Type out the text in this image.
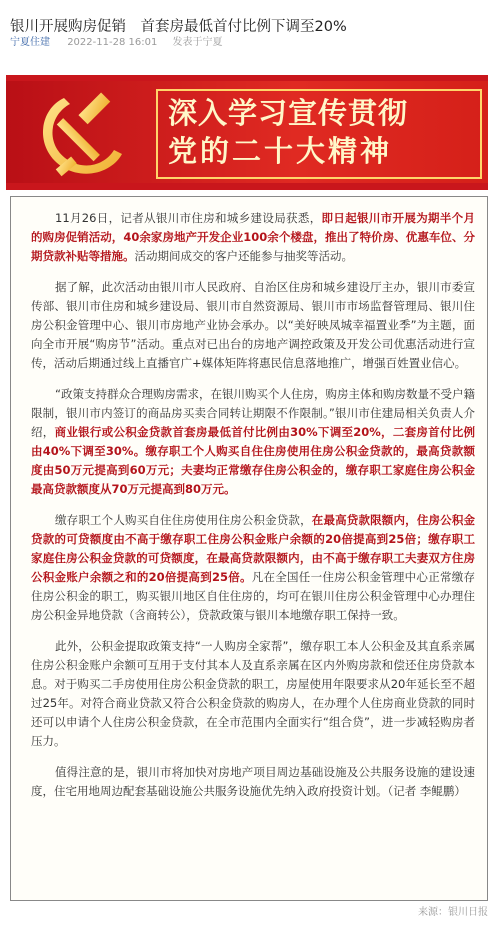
银川开展购房促销　首套房最低首付比例下调至20%
宁夏住建 2022-11-28 16:01 发表于宁夏
深入学习宣传贯彻
党的二十大精神

11月26日，记者从银川市住房和城乡建设局获悉，即日起银川市开展为期半个月的购房促销活动，40余家房地产开发企业100余个楼盘，推出了特价房、优惠车位、分期贷款补贴等措施。活动期间成交的客户还能参与抽奖等活动。

据了解，此次活动由银川市人民政府、自治区住房和城乡建设厅主办，银川市委宣传部、银川市住房和城乡建设局、银川市自然资源局、银川市市场监督管理局、银川住房公积金管理中心、银川市房地产业协会承办。以“美好映凤城幸福置业季”为主题，面向全市开展“购房节”活动。重点对已出台的房地产调控政策及开发公司优惠活动进行宣传，活动后期通过线上直播官广+媒体矩阵将惠民信息落地推广，增强百姓置业信心。

“政策支持群众合理购房需求，在银川购买个人住房，购房主体和购房数量不受户籍限制，银川市内签订的商品房买卖合同转让期限不作限制。”银川市住建局相关负责人介绍，商业银行或公积金贷款首套房最低首付比例由30%下调至20%，二套房首付比例由40%下调至30%。缴存职工个人购买自住住房使用住房公积金贷款的，最高贷款额度由50万元提高到60万元；夫妻均正常缴存住房公积金的，缴存职工家庭住房公积金最高贷款额度从70万元提高到80万元。

缴存职工个人购买自住住房使用住房公积金贷款，在最高贷款限额内，住房公积金贷款的可贷额度由不高于缴存职工住房公积金账户余额的20倍提高到25倍；缴存职工家庭住房公积金贷款的可贷额度，在最高贷款限额内，由不高于缴存职工夫妻双方住房公积金账户余额之和的20倍提高到25倍。凡在全国任一住房公积金管理中心正常缴存住房公积金的职工，购买银川地区自住住房的，均可在银川住房公积金管理中心办理住房公积金异地贷款（含商转公），贷款政策与银川本地缴存职工保持一致。

此外，公积金提取政策支持“一人购房全家帮”，缴存职工本人公积金及其直系亲属住房公积金账户余额可互用于支付其本人及直系亲属在区内外购房款和偿还住房贷款本息。对于购买二手房使用住房公积金贷款的职工，房屋使用年限要求从20年延长至不超过25年。对符合商业贷款又符合公积金贷款的购房人，在办理个人住房商业贷款的同时还可以申请个人住房公积金贷款，在全市范围内全面实行“组合贷”，进一步减轻购房者压力。

值得注意的是，银川市将加快对房地产项目周边基础设施及公共服务设施的建设速度，住宅用地周边配套基础设施公共服务设施优先纳入政府投资计划。（记者 李鲲鹏）

来源：银川日报
